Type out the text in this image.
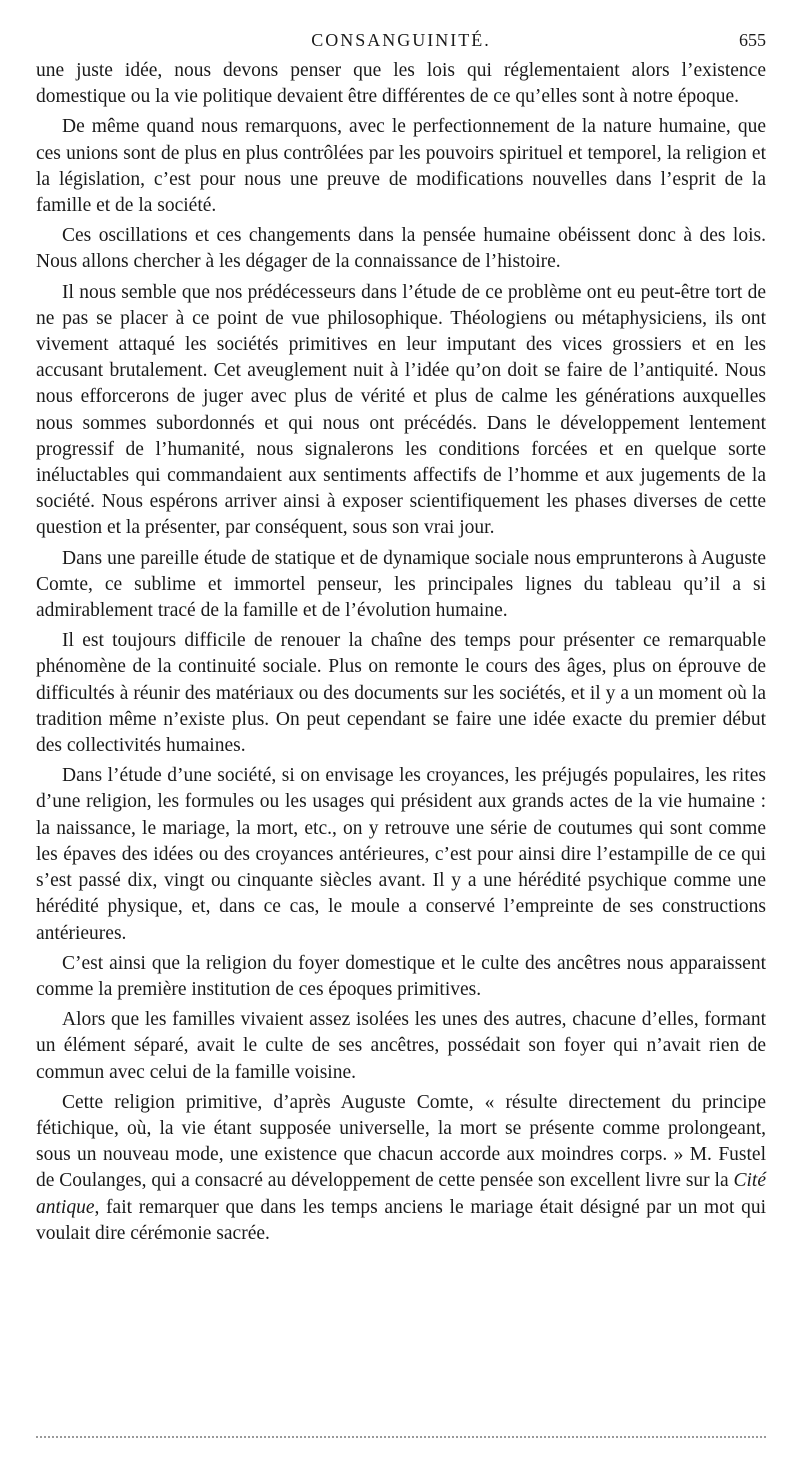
CONSANGUINITÉ.	655

une juste idée, nous devons penser que les lois qui réglementaient alors l’existence domestique ou la vie politique devaient être différentes de ce qu’elles sont à notre époque.

De même quand nous remarquons, avec le perfectionnement de la nature humaine, que ces unions sont de plus en plus contrôlées par les pouvoirs spirituel et temporel, la religion et la législation, c’est pour nous une preuve de modifications nouvelles dans l’esprit de la famille et de la société.

Ces oscillations et ces changements dans la pensée humaine obéissent donc à des lois. Nous allons chercher à les dégager de la connaissance de l’histoire.

Il nous semble que nos prédécesseurs dans l’étude de ce problème ont eu peut-être tort de ne pas se placer à ce point de vue philosophique. Théologiens ou métaphysiciens, ils ont vivement attaqué les sociétés primitives en leur imputant des vices grossiers et en les accusant brutalement. Cet aveuglement nuit à l’idée qu’on doit se faire de l’antiquité. Nous nous efforcerons de juger avec plus de vérité et plus de calme les générations auxquelles nous sommes subordonnés et qui nous ont précédés. Dans le développement lentement progressif de l’humanité, nous signalerons les conditions forcées et en quelque sorte inéluctables qui commandaient aux sentiments affectifs de l’homme et aux jugements de la société. Nous espérons arriver ainsi à exposer scientifiquement les phases diverses de cette question et la présenter, par conséquent, sous son vrai jour.

Dans une pareille étude de statique et de dynamique sociale nous emprunterons à Auguste Comte, ce sublime et immortel penseur, les principales lignes du tableau qu’il a si admirablement tracé de la famille et de l’évolution humaine.

Il est toujours difficile de renouer la chaîne des temps pour présenter ce remarquable phénomène de la continuité sociale. Plus on remonte le cours des âges, plus on éprouve de difficultés à réunir des matériaux ou des documents sur les sociétés, et il y a un moment où la tradition même n’existe plus. On peut cependant se faire une idée exacte du premier début des collectivités humaines.

Dans l’étude d’une société, si on envisage les croyances, les préjugés populaires, les rites d’une religion, les formules ou les usages qui président aux grands actes de la vie humaine : la naissance, le mariage, la mort, etc., on y retrouve une série de coutumes qui sont comme les épaves des idées ou des croyances antérieures, c’est pour ainsi dire l’estampille de ce qui s’est passé dix, vingt ou cinquante siècles avant. Il y a une hérédité psychique comme une hérédité physique, et, dans ce cas, le moule a conservé l’empreinte de ses constructions antérieures.

C’est ainsi que la religion du foyer domestique et le culte des ancêtres nous apparaissent comme la première institution de ces époques primitives.

Alors que les familles vivaient assez isolées les unes des autres, chacune d’elles, formant un élément séparé, avait le culte de ses ancêtres, possédait son foyer qui n’avait rien de commun avec celui de la famille voisine.

Cette religion primitive, d’après Auguste Comte, « résulte directement du principe fétichique, où, la vie étant supposée universelle, la mort se présente comme prolongeant, sous un nouveau mode, une existence que chacun accorde aux moindres corps. » M. Fustel de Coulanges, qui a consacré au développement de cette pensée son excellent livre sur la Cité antique, fait remarquer que dans les temps anciens le mariage était désigné par un mot qui voulait dire cérémonie sacrée.
